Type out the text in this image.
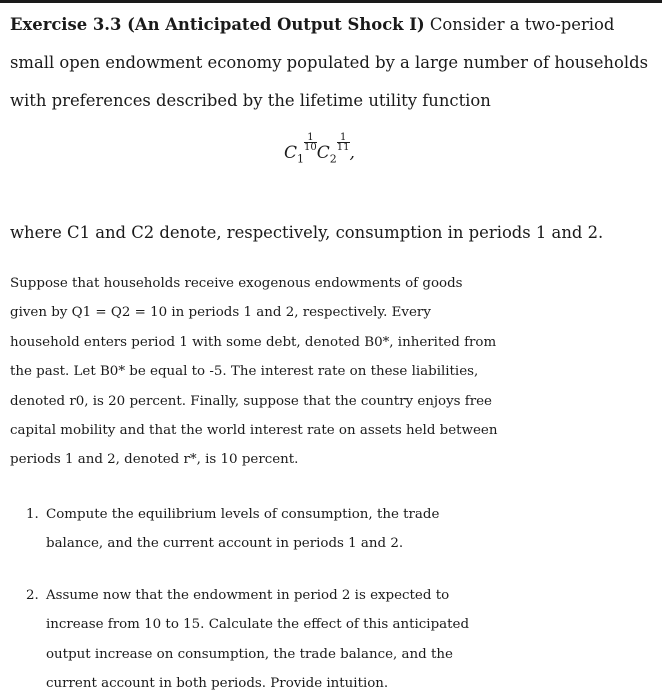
Exercise 3.3 (An Anticipated Output Shock I) Consider a two-period small open endowment economy populated by a large number of households with preferences described by the lifetime utility function
$C_1$
$\frac{1}{10}$
$C_2$
$\frac{1}{11}$
,
where C1 and C2 denote, respectively, consumption in periods 1 and 2.
Suppose that households receive exogenous endowments of goods given by Q1 = Q2 = 10 in periods 1 and 2, respectively. Every household enters period 1 with some debt, denoted B0*, inherited from the past. Let B0* be equal to -5. The interest rate on these liabilities, denoted r0, is 20 percent. Finally, suppose that the country enjoys free capital mobility and that the world interest rate on assets held between periods 1 and 2, denoted r*, is 10 percent.
1. Compute the equilibrium levels of consumption, the trade balance, and the current account in periods 1 and 2.
2. Assume now that the endowment in period 2 is expected to increase from 10 to 15. Calculate the effect of this anticipated output increase on consumption, the trade balance, and the current account in both periods. Provide intuition.
